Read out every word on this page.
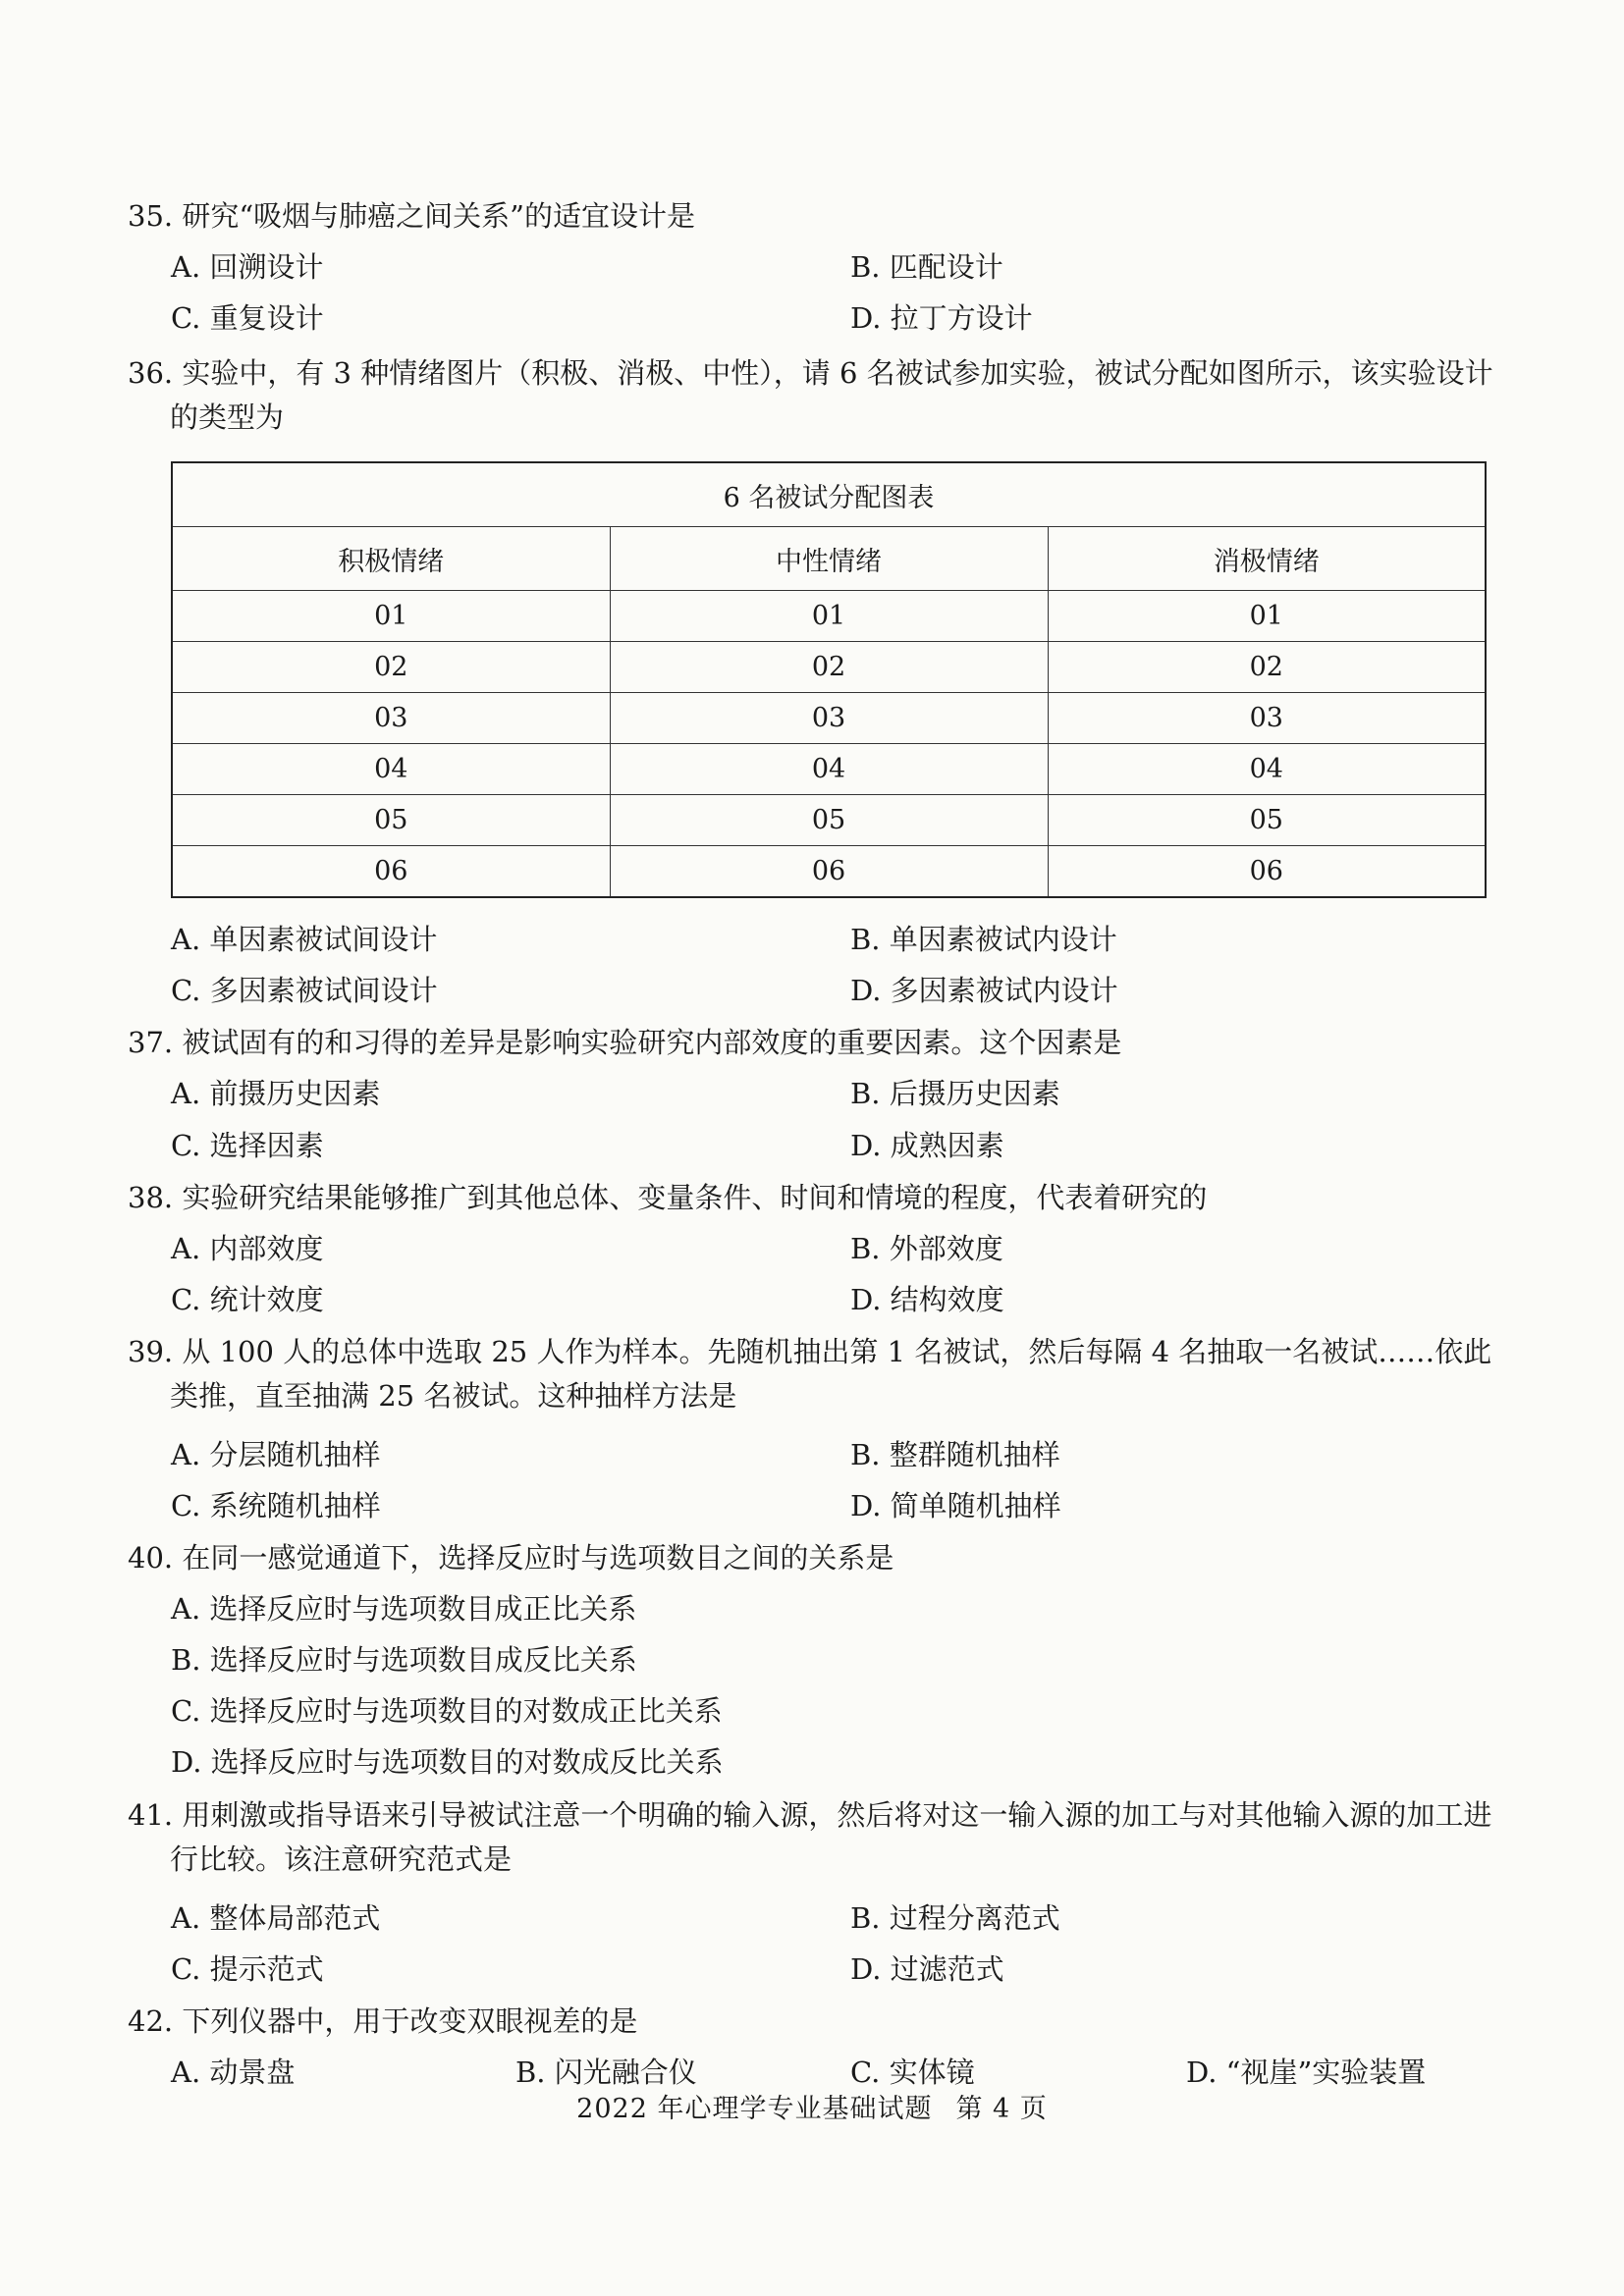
35. 研究“吸烟与肺癌之间关系”的适宜设计是
A. 回溯设计	B. 匹配设计
C. 重复设计	D. 拉丁方设计
36. 实验中，有 3 种情绪图片（积极、消极、中性），请 6 名被试参加实验，被试分配如图所示，该实验设计的类型为
6 名被试分配图表		
积极情绪	中性情绪	消极情绪
01	01	01
02	02	02
03	03	03
04	04	04
05	05	05
06	06	06
A. 单因素被试间设计	B. 单因素被试内设计
C. 多因素被试间设计	D. 多因素被试内设计
37. 被试固有的和习得的差异是影响实验研究内部效度的重要因素。这个因素是
A. 前摄历史因素	B. 后摄历史因素
C. 选择因素	D. 成熟因素
38. 实验研究结果能够推广到其他总体、变量条件、时间和情境的程度，代表着研究的
A. 内部效度	B. 外部效度
C. 统计效度	D. 结构效度
39. 从 100 人的总体中选取 25 人作为样本。先随机抽出第 1 名被试，然后每隔 4 名抽取一名被试……依此类推，直至抽满 25 名被试。这种抽样方法是
A. 分层随机抽样	B. 整群随机抽样
C. 系统随机抽样	D. 简单随机抽样
40. 在同一感觉通道下，选择反应时与选项数目之间的关系是
A. 选择反应时与选项数目成正比关系
B. 选择反应时与选项数目成反比关系
C. 选择反应时与选项数目的对数成正比关系
D. 选择反应时与选项数目的对数成反比关系
41. 用刺激或指导语来引导被试注意一个明确的输入源，然后将对这一输入源的加工与对其他输入源的加工进行比较。该注意研究范式是
A. 整体局部范式	B. 过程分离范式
C. 提示范式	D. 过滤范式
42. 下列仪器中，用于改变双眼视差的是
A. 动景盘	B. 闪光融合仪	C. 实体镜	D. “视崖”实验装置
2022 年心理学专业基础试题 第 4 页
